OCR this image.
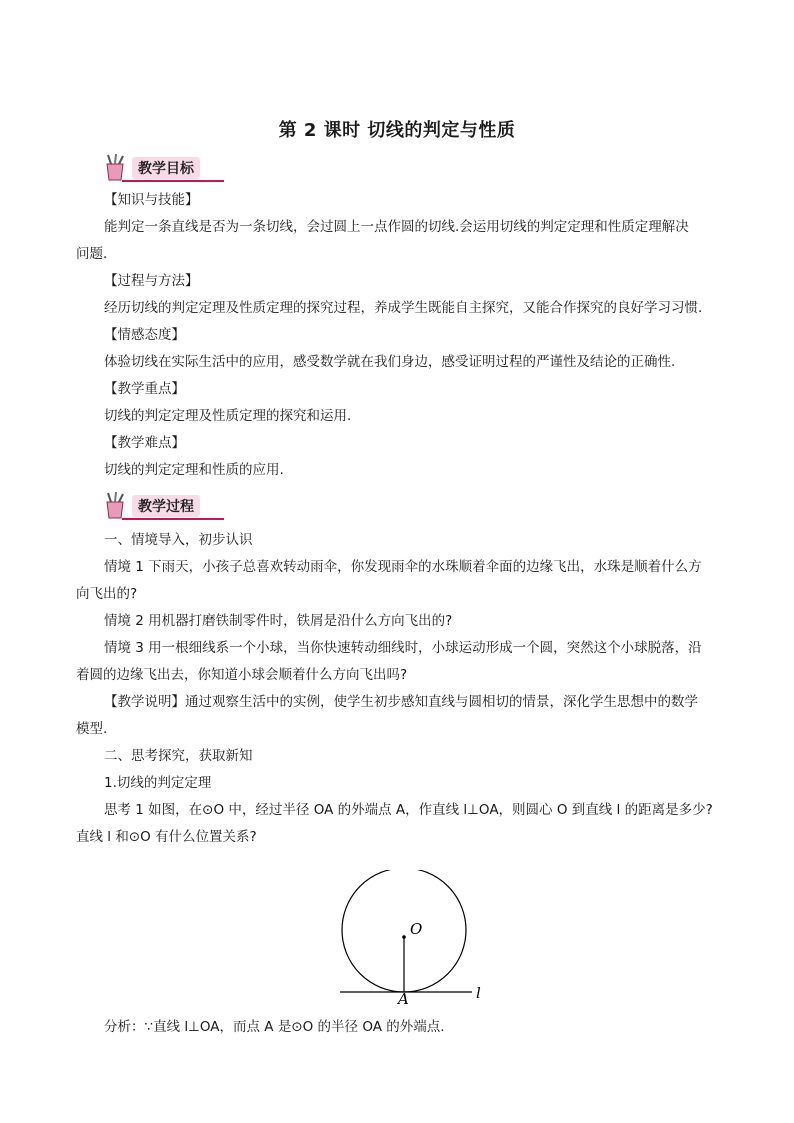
第 2 课时 切线的判定与性质
教学目标
【知识与技能】
能判定一条直线是否为一条切线，会过圆上一点作圆的切线.会运用切线的判定定理和性质定理解决
问题.
【过程与方法】
经历切线的判定定理及性质定理的探究过程，养成学生既能自主探究，又能合作探究的良好学习习惯.
【情感态度】
体验切线在实际生活中的应用，感受数学就在我们身边，感受证明过程的严谨性及结论的正确性.
【教学重点】
切线的判定定理及性质定理的探究和运用.
【教学难点】
切线的判定定理和性质的应用.
教学过程
一、情境导入，初步认识
情境 1 下雨天，小孩子总喜欢转动雨伞，你发现雨伞的水珠顺着伞面的边缘飞出，水珠是顺着什么方
向飞出的?
情境 2 用机器打磨铁制零件时，铁屑是沿什么方向飞出的?
情境 3 用一根细线系一个小球，当你快速转动细线时，小球运动形成一个圆，突然这个小球脱落，沿
着圆的边缘飞出去，你知道小球会顺着什么方向飞出吗?
【教学说明】通过观察生活中的实例，使学生初步感知直线与圆相切的情景，深化学生思想中的数学
模型.
二、思考探究，获取新知
1.切线的判定定理
思考 1 如图，在⊙O 中，经过半径 OA 的外端点 A，作直线 l⊥OA，则圆心 O 到直线 l 的距离是多少?
直线 l 和⊙O 有什么位置关系?
O
A	l
分析：∵直线 l⊥OA，而点 A 是⊙O 的半径 OA 的外端点.
